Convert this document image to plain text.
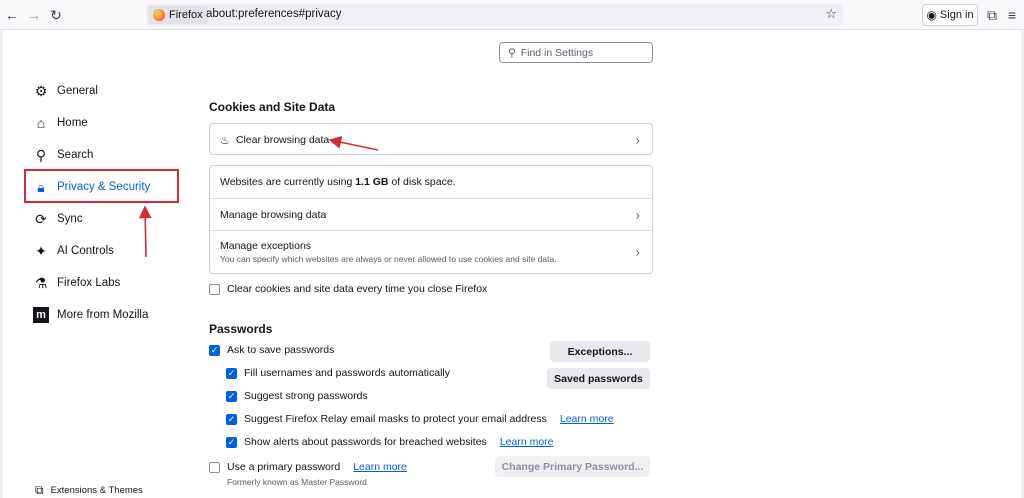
← → ↻	Firefox about:preferences#privacy	☆	◉ Sign in ⧉ ≡
⚲ Find in Settings
⚙ General
⌂	Home
⚲ Search
🔒︎	Privacy & Security
⟳ Sync
✦ AI Controls
⚗ Firefox Labs
m More from Mozilla
⧉ Extensions & Themes
Cookies and Site Data
♨ Clear browsing data	›
Websites are currently using 1.1 GB of disk space.
Manage browsing data	›
Manage exceptions
You can specify which websites are always or never allowed to use cookies and site data.	›
Clear cookies and site data every time you close Firefox
Passwords
✓ Ask to save passwords	Exceptions...
✓ Fill usernames and passwords automatically	Saved passwords
✓ Suggest strong passwords
✓ Suggest Firefox Relay email masks to protect your email address Learn more
✓ Show alerts about passwords for breached websites Learn more
Use a primary password Learn more	Change Primary Password...
Formerly known as Master Password
